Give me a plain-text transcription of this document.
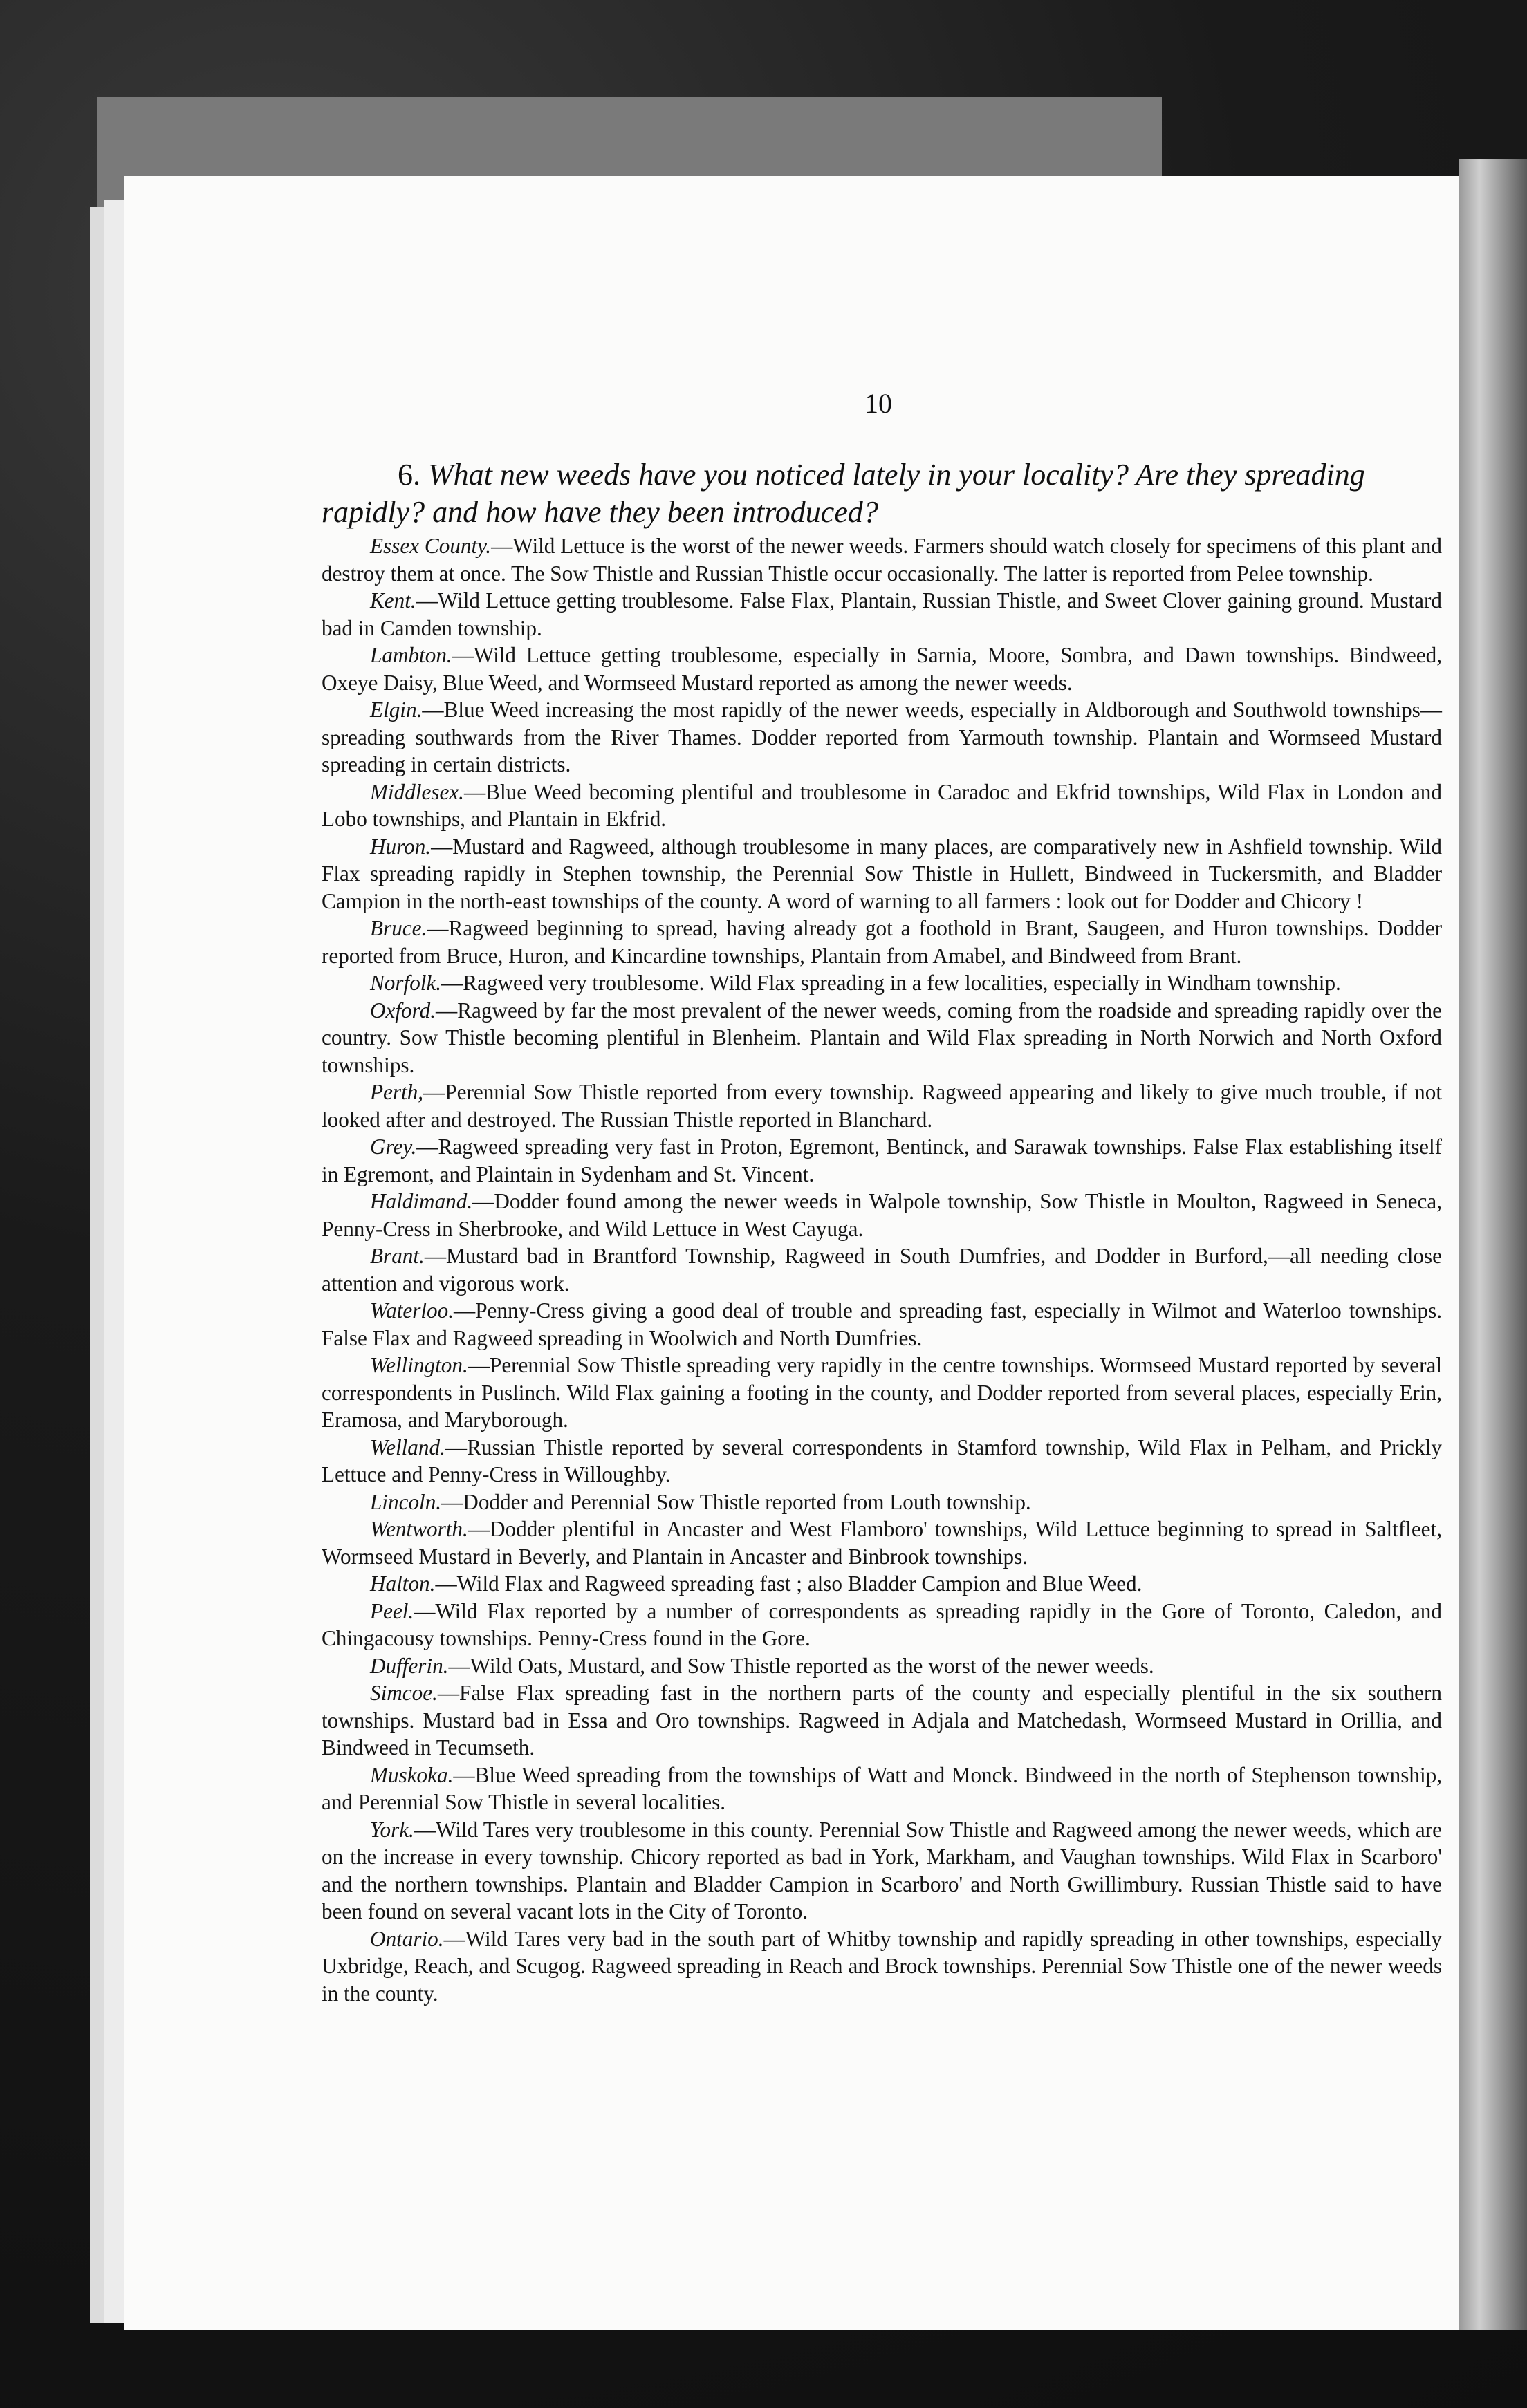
10
6. What new weeds have you noticed lately in your locality? Are they spreading rapidly? and how have they been introduced?

Essex County.—Wild Lettuce is the worst of the newer weeds. Farmers should watch closely for specimens of this plant and destroy them at once. The Sow Thistle and Russian Thistle occur occasionally. The latter is reported from Pelee township.

Kent.—Wild Lettuce getting troublesome. False Flax, Plantain, Russian Thistle, and Sweet Clover gaining ground. Mustard bad in Camden township.

Lambton.—Wild Lettuce getting troublesome, especially in Sarnia, Moore, Sombra, and Dawn townships. Bindweed, Oxeye Daisy, Blue Weed, and Wormseed Mustard reported as among the newer weeds.

Elgin.—Blue Weed increasing the most rapidly of the newer weeds, especially in Aldborough and Southwold townships—spreading southwards from the River Thames. Dodder reported from Yarmouth township. Plantain and Wormseed Mustard spreading in certain districts.

Middlesex.—Blue Weed becoming plentiful and troublesome in Caradoc and Ekfrid townships, Wild Flax in London and Lobo townships, and Plantain in Ekfrid.

Huron.—Mustard and Ragweed, although troublesome in many places, are comparatively new in Ashfield township. Wild Flax spreading rapidly in Stephen township, the Perennial Sow Thistle in Hullett, Bindweed in Tuckersmith, and Bladder Campion in the north-east townships of the county. A word of warning to all farmers : look out for Dodder and Chicory !

Bruce.—Ragweed beginning to spread, having already got a foothold in Brant, Saugeen, and Huron townships. Dodder reported from Bruce, Huron, and Kincardine townships, Plantain from Amabel, and Bindweed from Brant.

Norfolk.—Ragweed very troublesome. Wild Flax spreading in a few localities, especially in Windham township.

Oxford.—Ragweed by far the most prevalent of the newer weeds, coming from the roadside and spreading rapidly over the country. Sow Thistle becoming plentiful in Blenheim. Plantain and Wild Flax spreading in North Norwich and North Oxford townships.

Perth,—Perennial Sow Thistle reported from every township. Ragweed appearing and likely to give much trouble, if not looked after and destroyed. The Russian Thistle reported in Blanchard.

Grey.—Ragweed spreading very fast in Proton, Egremont, Bentinck, and Sarawak townships. False Flax establishing itself in Egremont, and Plaintain in Sydenham and St. Vincent.

Haldimand.—Dodder found among the newer weeds in Walpole township, Sow Thistle in Moulton, Ragweed in Seneca, Penny-Cress in Sherbrooke, and Wild Lettuce in West Cayuga.

Brant.—Mustard bad in Brantford Township, Ragweed in South Dumfries, and Dodder in Burford,—all needing close attention and vigorous work.

Waterloo.—Penny-Cress giving a good deal of trouble and spreading fast, especially in Wilmot and Waterloo townships. False Flax and Ragweed spreading in Woolwich and North Dumfries.

Wellington.—Perennial Sow Thistle spreading very rapidly in the centre townships. Wormseed Mustard reported by several correspondents in Puslinch. Wild Flax gaining a footing in the county, and Dodder reported from several places, especially Erin, Eramosa, and Maryborough.

Welland.—Russian Thistle reported by several correspondents in Stamford township, Wild Flax in Pelham, and Prickly Lettuce and Penny-Cress in Willoughby.

Lincoln.—Dodder and Perennial Sow Thistle reported from Louth township.

Wentworth.—Dodder plentiful in Ancaster and West Flamboro' townships, Wild Lettuce beginning to spread in Saltfleet, Wormseed Mustard in Beverly, and Plantain in Ancaster and Binbrook townships.

Halton.—Wild Flax and Ragweed spreading fast ; also Bladder Campion and Blue Weed.

Peel.—Wild Flax reported by a number of correspondents as spreading rapidly in the Gore of Toronto, Caledon, and Chingacousy townships. Penny-Cress found in the Gore.

Dufferin.—Wild Oats, Mustard, and Sow Thistle reported as the worst of the newer weeds.

Simcoe.—False Flax spreading fast in the northern parts of the county and especially plentiful in the six southern townships. Mustard bad in Essa and Oro townships. Ragweed in Adjala and Matchedash, Wormseed Mustard in Orillia, and Bindweed in Tecumseth.

Muskoka.—Blue Weed spreading from the townships of Watt and Monck. Bindweed in the north of Stephenson township, and Perennial Sow Thistle in several localities.

York.—Wild Tares very troublesome in this county. Perennial Sow Thistle and Ragweed among the newer weeds, which are on the increase in every township. Chicory reported as bad in York, Markham, and Vaughan townships. Wild Flax in Scarboro' and the northern townships. Plantain and Bladder Campion in Scarboro' and North Gwillimbury. Russian Thistle said to have been found on several vacant lots in the City of Toronto.

Ontario.—Wild Tares very bad in the south part of Whitby township and rapidly spreading in other townships, especially Uxbridge, Reach, and Scugog. Ragweed spreading in Reach and Brock townships. Perennial Sow Thistle one of the newer weeds in the county.
